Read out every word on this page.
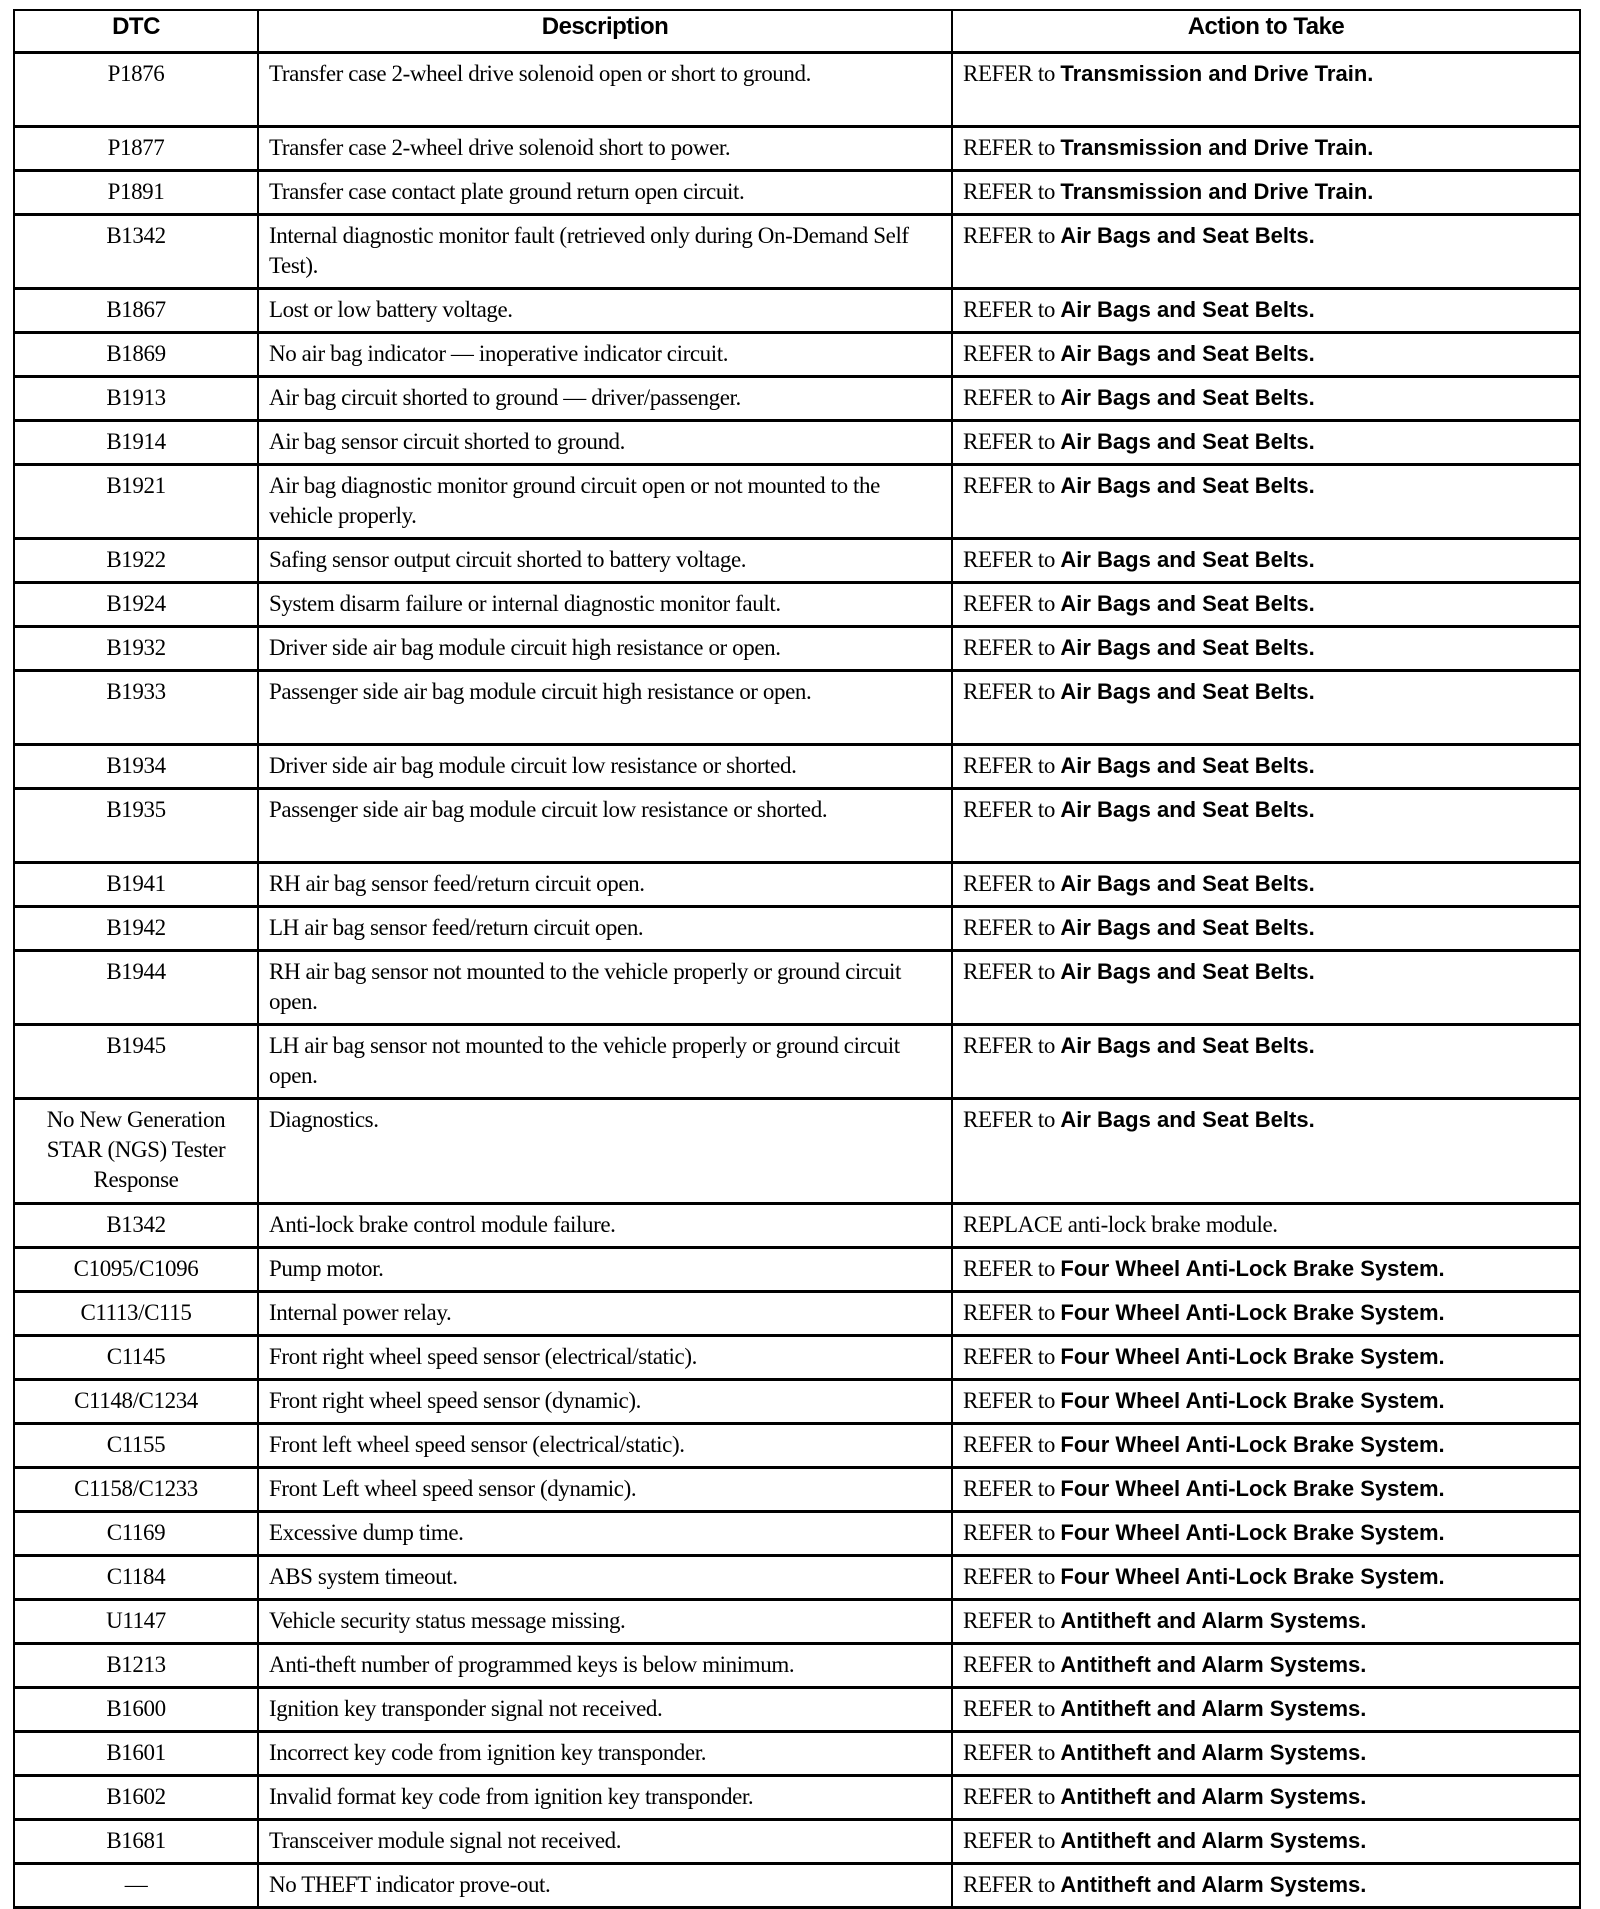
DTC	Description	Action to Take
P1876	Transfer case 2-wheel drive solenoid open or short to ground.	REFER to Transmission and Drive Train.
P1877	Transfer case 2-wheel drive solenoid short to power.	REFER to Transmission and Drive Train.
P1891	Transfer case contact plate ground return open circuit.	REFER to Transmission and Drive Train.
B1342	Internal diagnostic monitor fault (retrieved only during On-Demand Self Test).	REFER to Air Bags and Seat Belts.
B1867	Lost or low battery voltage.	REFER to Air Bags and Seat Belts.
B1869	No air bag indicator — inoperative indicator circuit.	REFER to Air Bags and Seat Belts.
B1913	Air bag circuit shorted to ground — driver/passenger.	REFER to Air Bags and Seat Belts.
B1914	Air bag sensor circuit shorted to ground.	REFER to Air Bags and Seat Belts.
B1921	Air bag diagnostic monitor ground circuit open or not mounted to the vehicle properly.	REFER to Air Bags and Seat Belts.
B1922	Safing sensor output circuit shorted to battery voltage.	REFER to Air Bags and Seat Belts.
B1924	System disarm failure or internal diagnostic monitor fault.	REFER to Air Bags and Seat Belts.
B1932	Driver side air bag module circuit high resistance or open.	REFER to Air Bags and Seat Belts.
B1933	Passenger side air bag module circuit high resistance or open.	REFER to Air Bags and Seat Belts.
B1934	Driver side air bag module circuit low resistance or shorted.	REFER to Air Bags and Seat Belts.
B1935	Passenger side air bag module circuit low resistance or shorted.	REFER to Air Bags and Seat Belts.
B1941	RH air bag sensor feed/return circuit open.	REFER to Air Bags and Seat Belts.
B1942	LH air bag sensor feed/return circuit open.	REFER to Air Bags and Seat Belts.
B1944	RH air bag sensor not mounted to the vehicle properly or ground circuit open.	REFER to Air Bags and Seat Belts.
B1945	LH air bag sensor not mounted to the vehicle properly or ground circuit open.	REFER to Air Bags and Seat Belts.
No New Generation STAR (NGS) Tester Response	Diagnostics.	REFER to Air Bags and Seat Belts.
B1342	Anti-lock brake control module failure.	REPLACE anti-lock brake module.
C1095/C1096	Pump motor.	REFER to Four Wheel Anti-Lock Brake System.
C1113/C115	Internal power relay.	REFER to Four Wheel Anti-Lock Brake System.
C1145	Front right wheel speed sensor (electrical/static).	REFER to Four Wheel Anti-Lock Brake System.
C1148/C1234	Front right wheel speed sensor (dynamic).	REFER to Four Wheel Anti-Lock Brake System.
C1155	Front left wheel speed sensor (electrical/static).	REFER to Four Wheel Anti-Lock Brake System.
C1158/C1233	Front Left wheel speed sensor (dynamic).	REFER to Four Wheel Anti-Lock Brake System.
C1169	Excessive dump time.	REFER to Four Wheel Anti-Lock Brake System.
C1184	ABS system timeout.	REFER to Four Wheel Anti-Lock Brake System.
U1147	Vehicle security status message missing.	REFER to Antitheft and Alarm Systems.
B1213	Anti-theft number of programmed keys is below minimum.	REFER to Antitheft and Alarm Systems.
B1600	Ignition key transponder signal not received.	REFER to Antitheft and Alarm Systems.
B1601	Incorrect key code from ignition key transponder.	REFER to Antitheft and Alarm Systems.
B1602	Invalid format key code from ignition key transponder.	REFER to Antitheft and Alarm Systems.
B1681	Transceiver module signal not received.	REFER to Antitheft and Alarm Systems.
—	No THEFT indicator prove-out.	REFER to Antitheft and Alarm Systems.
